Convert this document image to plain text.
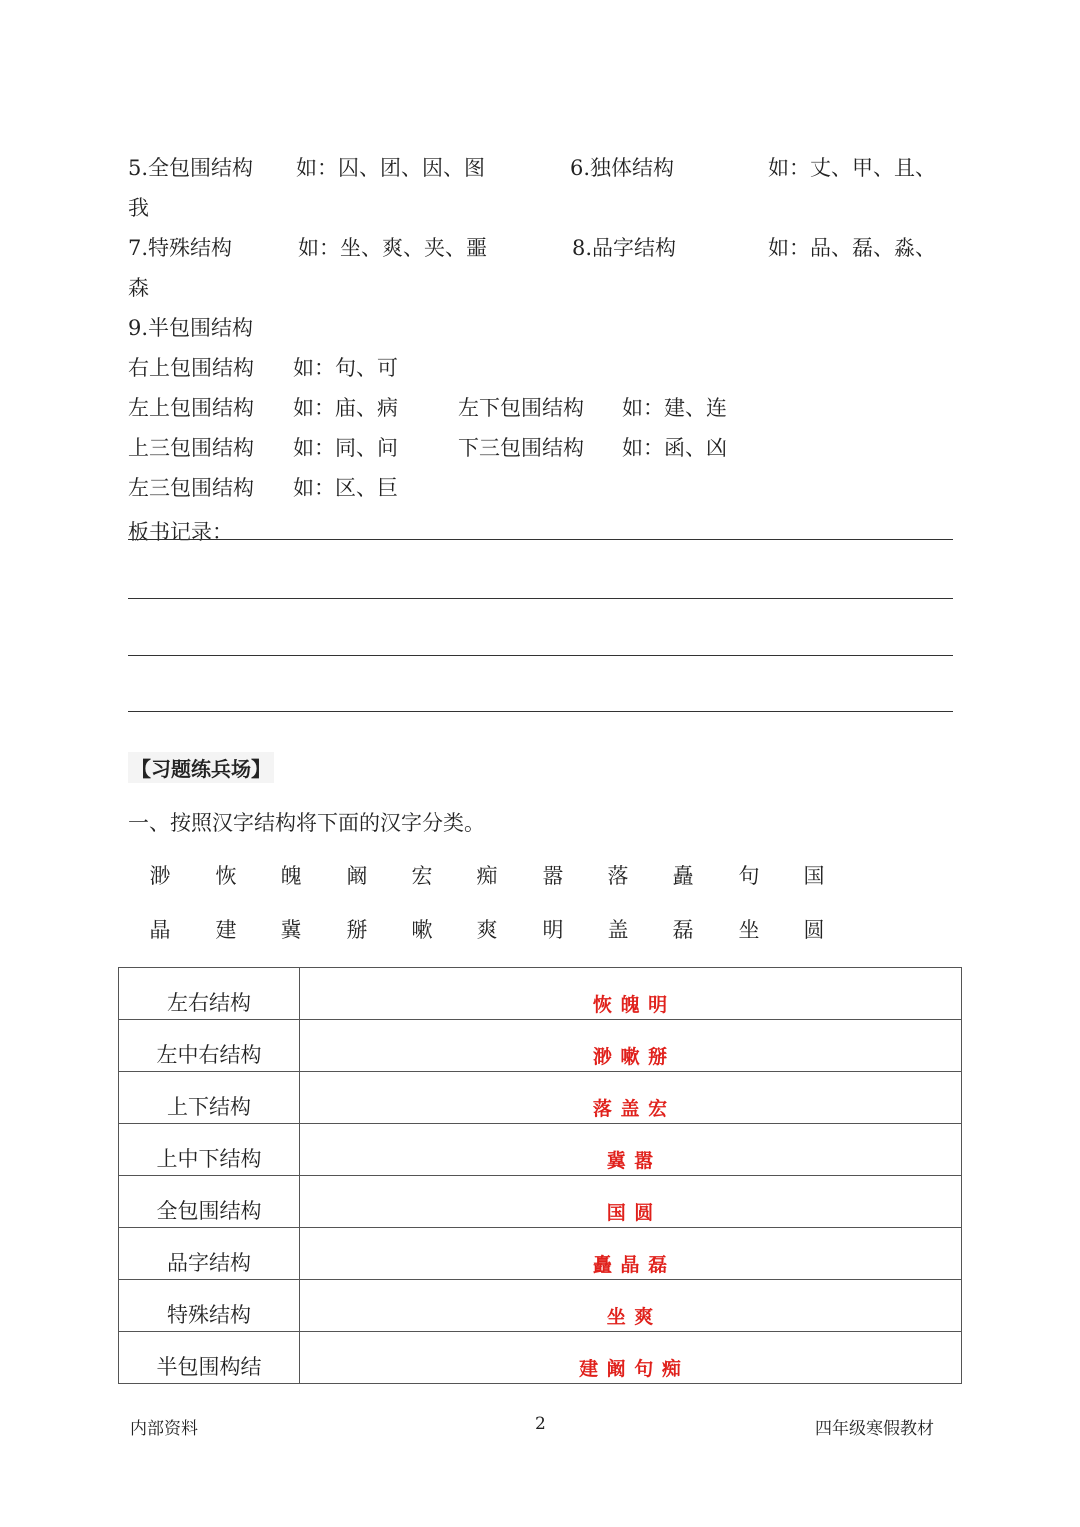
5.全包围结构 如：囚、团、因、图	6.独体结构	如：丈、甲、且、
我
7.特殊结构	如：坐、爽、夹、噩	8.品字结构	如：品、磊、淼、
森
9.半包围结构
右上包围结构 如：句、可
左上包围结构 如：庙、病	左下包围结构 如：建、连
上三包围结构 如：同、问	下三包围结构 如：函、凶
左三包围结构 如：区、巨
板书记录：
【习题练兵场】
一、按照汉字结构将下面的汉字分类。
渺	恢	魄	阚	宏	痴	嚣	落	矗	句	国
晶	建	冀	掰	嗽	爽	明	盖	磊	坐	圆
左右结构	恢 魄 明
左中右结构	渺 嗽 掰
上下结构	落 盖 宏
上中下结构	冀 嚣
全包围结构	国 圆
品字结构	矗 晶 磊
特殊结构	坐 爽
半包围构结	建 阚 句 痴
内部资料	2	四年级寒假教材
